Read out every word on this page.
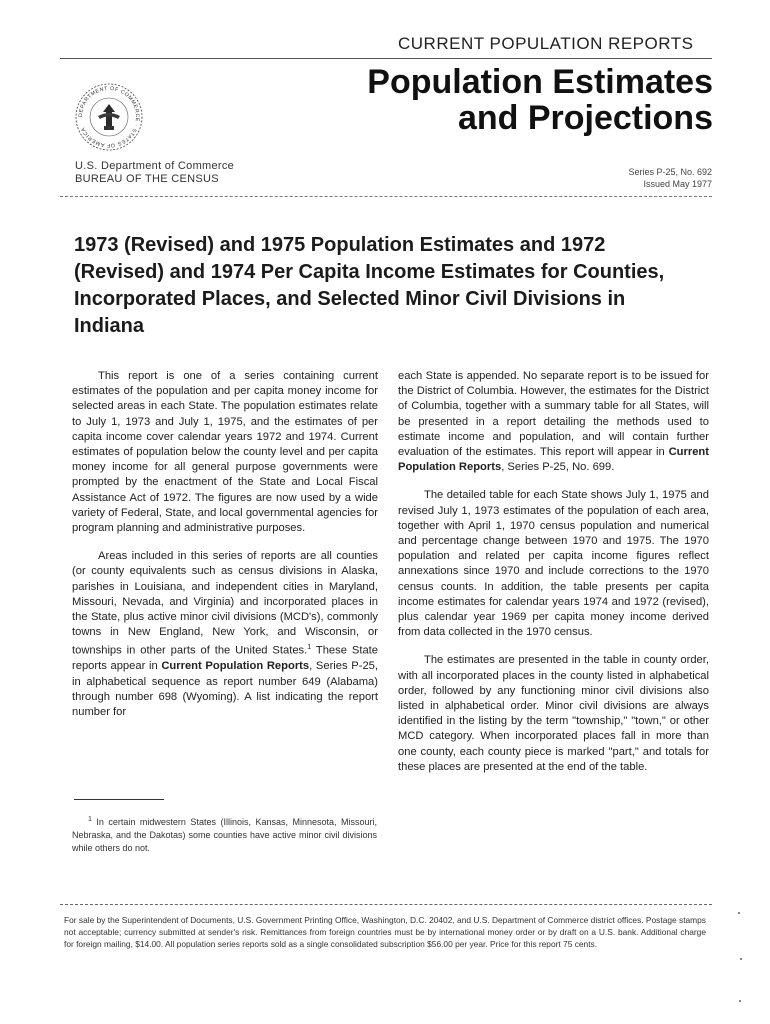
CURRENT POPULATION REPORTS
Population Estimates
and Projections
DEPARTMENT OF COMMERCE · STATES OF AMERICA
U.S. Department of Commerce
BUREAU OF THE CENSUS
Series P-25, No. 692
Issued May 1977
1973 (Revised) and 1975 Population Estimates and 1972 (Revised) and 1974 Per Capita Income Estimates for Counties, Incorporated Places, and Selected Minor Civil Divisions in Indiana

This report is one of a series containing current estimates of the population and per capita money income for selected areas in each State. The population estimates relate to July 1, 1973 and July 1, 1975, and the estimates of per capita income cover calendar years 1972 and 1974. Current estimates of population below the county level and per capita money income for all general purpose governments were prompted by the enactment of the State and Local Fiscal Assistance Act of 1972. The figures are now used by a wide variety of Federal, State, and local governmental agencies for program planning and administrative purposes.

Areas included in this series of reports are all counties (or county equivalents such as census divisions in Alaska, parishes in Louisiana, and independent cities in Maryland, Missouri, Nevada, and Virginia) and incorporated places in the State, plus active minor civil divisions (MCD's), commonly towns in New England, New York, and Wisconsin, or townships in other parts of the United States.$^1$ These State reports appear in Current Population Reports, Series P-25, in alphabetical sequence as report number 649 (Alabama) through number 698 (Wyoming). A list indicating the report number for

each State is appended. No separate report is to be issued for the District of Columbia. However, the estimates for the District of Columbia, together with a summary table for all States, will be presented in a report detailing the methods used to estimate income and population, and will contain further evaluation of the estimates. This report will appear in Current Population Reports, Series P-25, No. 699.

The detailed table for each State shows July 1, 1975 and revised July 1, 1973 estimates of the population of each area, together with April 1, 1970 census population and numerical and percentage change between 1970 and 1975. The 1970 population and related per capita income figures reflect annexations since 1970 and include corrections to the 1970 census counts. In addition, the table presents per capita income estimates for calendar years 1974 and 1972 (revised), plus calendar year 1969 per capita money income derived from data collected in the 1970 census.

The estimates are presented in the table in county order, with all incorporated places in the county listed in alphabetical order, followed by any functioning minor civil divisions also listed in alphabetical order. Minor civil divisions are always identified in the listing by the term "township," "town," or other MCD category. When incorporated places fall in more than one county, each county piece is marked "part," and totals for these places are presented at the end of the table.

$^1$ In certain midwestern States (Illinois, Kansas, Minnesota, Missouri, Nebraska, and the Dakotas) some counties have active minor civil divisions while others do not.
For sale by the Superintendent of Documents, U.S. Government Printing Office, Washington, D.C. 20402, and U.S. Department of Commerce district offices. Postage stamps not acceptable; currency submitted at sender's risk. Remittances from foreign countries must be by international money order or by draft on a U.S. bank. Additional charge for foreign mailing, $14.00. All population series reports sold as a single consolidated subscription $56.00 per year. Price for this report 75 cents.
